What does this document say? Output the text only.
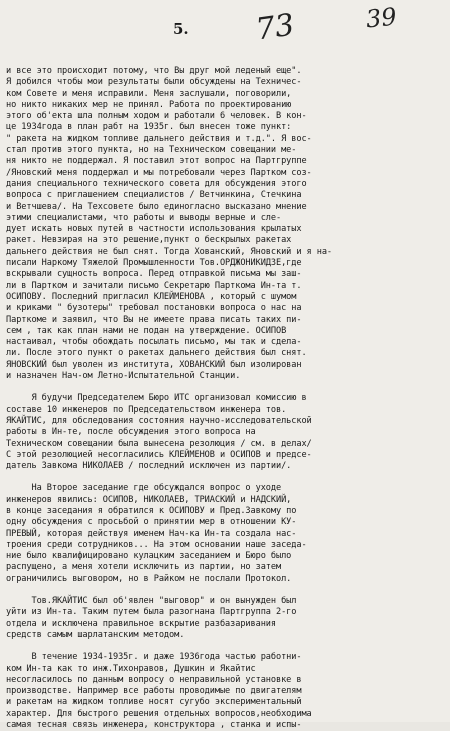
5. 73	39
и все это происходит потому, что Вы друг мой леденый еще".
Я добился чтобы мои результаты были обсуждены на Техничес-
ком Совете и меня исправили. Меня заслушали, поговорили,
но никто никаких мер не принял. Работа по проектированию
этого об'екта шла полным ходом и работали 6 человек. В кон-
це 1934года в план рабт на 1935г. был внесен тоже пункт:
" ракета на жидком топливе дальнего действия и т.д.". Я вос-
стал против этого пункта, но на Техническом совещании ме-
ня никто не поддержал. Я поставил этот вопрос на Партгруппе
/Яновский меня поддержал и мы потребовали через Партком соз-
дания специального технического совета для обсуждения этого
вопроса с приглашением специалистов / Ветчинкина, Стечкина
и Ветчшева/. На Техсовете было единогласно высказано мнение
этими специалистами, что работы и выводы верные и сле-
дует искать новых путей в частности использования крылатых
ракет. Невзирая на это решение,пункт о бескрылых ракетах
дальнего действия не был снят. Тогда Хованский, Яновский и я на-
писали Наркому Тяжелой Промышленности Тов.ОРДЖОНИКИДЗЕ,где
вскрывали сущность вопроса. Перед отправкой письма мы заш-
ли в Партком и зачитали письмо Секретарю Парткома Ин-та т.
ОСИПОВУ. Последний пригласил КЛЕЙМЕНОВА , который с шумом
и криками " бузотеры" требовал постановки вопроса о нас на
Парткоме и заявил, что Вы не имеете права писать таких пи-
сем , так как план нами не подан на утверждение. ОСИПОВ
настаивал, чтобы обождать посылать письмо, мы так и сдела-
ли. После этого пункт о ракетах дальнего действия был снят.
ЯНОВСКИЙ был уволен из института, ХОВАНСКИЙ был изолирован
и назначен Нач-ом Летно-Испытательной Станции.
Я будучи Председателем Бюро ИТС организовал комиссию в
составе 10 инженеров по Председательством инженера тов.
ЯКАЙТИС, для обследования состояния научно-исследовательской
работы в Ин-те, после обсуждения этого вопроса на
Техническом совещании была вынесена резолюция / см. в делах/
С этой резолюцией несогласились КЛЕЙМЕНОВ и ОСИПОВ и предсе-
датель Завкома НИКОЛАЕВ / последний исключен из партии/.
На Второе заседание где обсуждался вопрос о уходе
инженеров явились: ОСИПОВ, НИКОЛАЕВ, ТРИАСКИЙ и НАДСКИЙ,
в конце заседания я обратился к ОСИПОВУ и Пред.Завкому по
одну обсуждения с просьбой о принятии мер в отношении КУ-
ПРЕВЫЙ, которая действуя именем Нач-ка Ин-та создала нас-
троения среди сотрудников... На этом основании наше заседа-
ние было квалифицировано кулацким заседанием и Бюро было
распущено, а меня хотели исключить из партии, но затем
ограничились выговором, но в Райком не послали Протокол.
Тов.ЯКАЙТИС был об'явлен "выговор" и он вынужден был
уйти из Ин-та. Таким путем была разогнана Партгруппа 2-го
отдела и исключена правильное вскрытие разбазаривания
средств самым шарлатанским методом.
В течение 1934-1935г. и даже 1936года частью работни-
ком Ин-та как то инж.Тихонравов, Душкин и Якайтис
несогласилось по данным вопросу о неправильной установке в
производстве. Например все работы проводимые по двигателям
и ракетам на жидком топливе носят сугубо экспериментальный
характер. Для быстрого решения отдельных вопросов,необходима
самая тесная связь инженера, конструктора , станка и испы-
